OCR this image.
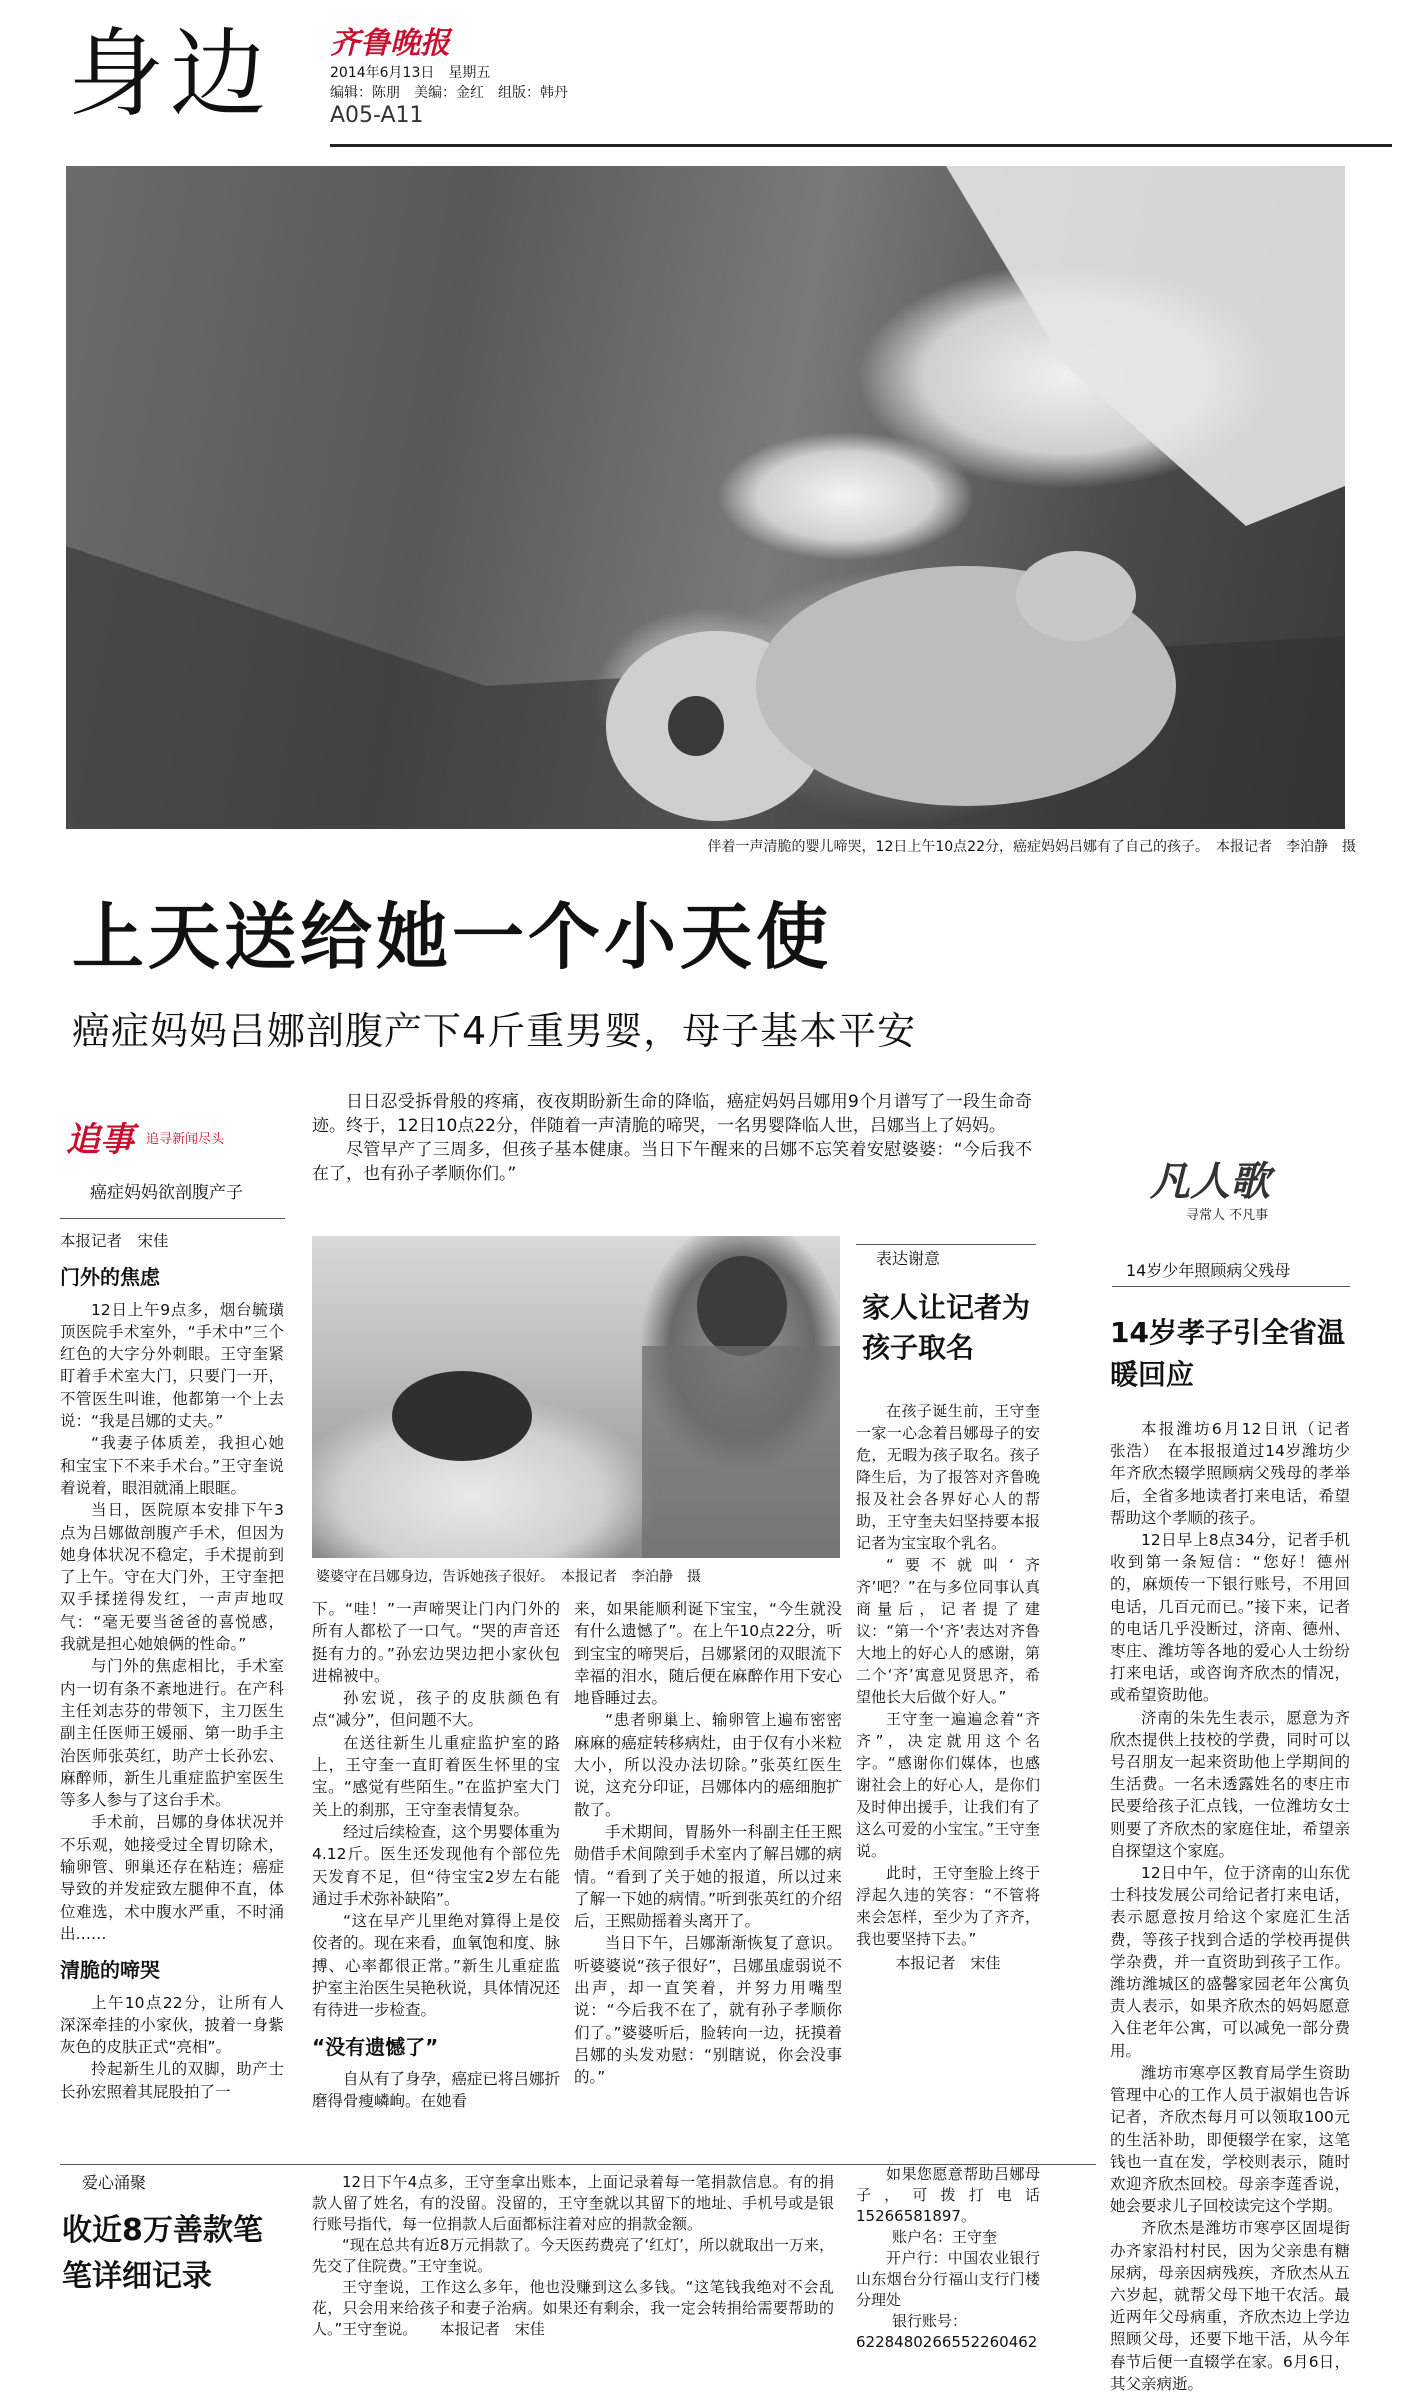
身边 齐鲁晚报
2014年6月13日　星期五
编辑：陈朋　美编：金红　组版：韩丹
A05-A11
伴着一声清脆的婴儿啼哭，12日上午10点22分，癌症妈妈吕娜有了自己的孩子。　本报记者　李泊静　摄
上天送给她一个小天使
癌症妈妈吕娜剖腹产下4斤重男婴，母子基本平安
追事 追寻新闻尽头
癌症妈妈欲剖腹产子

日日忍受拆骨般的疼痛，夜夜期盼新生命的降临，癌症妈妈吕娜用9个月谱写了一段生命奇迹。终于，12日10点22分，伴随着一声清脆的啼哭，一名男婴降临人世，吕娜当上了妈妈。

尽管早产了三周多，但孩子基本健康。当日下午醒来的吕娜不忘笑着安慰婆婆：“今后我不在了，也有孙子孝顺你们。”

本报记者　宋佳
门外的焦虑

12日上午9点多，烟台毓璜顶医院手术室外，“手术中”三个红色的大字分外刺眼。王守奎紧盯着手术室大门，只要门一开，不管医生叫谁，他都第一个上去说：“我是吕娜的丈夫。”

“我妻子体质差，我担心她和宝宝下不来手术台。”王守奎说着说着，眼泪就涌上眼眶。

当日，医院原本安排下午3点为吕娜做剖腹产手术，但因为她身体状况不稳定，手术提前到了上午。守在大门外，王守奎把双手揉搓得发红，一声声地叹气：“毫无要当爸爸的喜悦感，我就是担心她娘俩的性命。”

与门外的焦虑相比，手术室内一切有条不紊地进行。在产科主任刘志芬的带领下，主刀医生副主任医师王媛丽、第一助手主治医师张英红，助产士长孙宏、麻醉师，新生儿重症监护室医生等多人参与了这台手术。

手术前，吕娜的身体状况并不乐观，她接受过全胃切除术，输卵管、卵巢还存在粘连；癌症导致的并发症致左腿伸不直，体位难选，术中腹水严重，不时涌出……

清脆的啼哭

上午10点22分，让所有人深深牵挂的小家伙，披着一身紫灰色的皮肤正式“亮相”。

拎起新生儿的双脚，助产士长孙宏照着其屁股拍了一

婆婆守在吕娜身边，告诉她孩子很好。　本报记者　李泊静　摄

下。“哇！”一声啼哭让门内门外的所有人都松了一口气。“哭的声音还挺有力的。”孙宏边哭边把小家伙包进棉被中。

孙宏说，孩子的皮肤颜色有点“减分”，但问题不大。

在送往新生儿重症监护室的路上，王守奎一直盯着医生怀里的宝宝。“感觉有些陌生。”在监护室大门关上的刹那，王守奎表情复杂。

经过后续检查，这个男婴体重为4.12斤。医生还发现他有个部位先天发育不足，但“待宝宝2岁左右能通过手术弥补缺陷”。

“这在早产儿里绝对算得上是佼佼者的。现在来看，血氧饱和度、脉搏、心率都很正常。”新生儿重症监护室主治医生吴艳秋说，具体情况还有待进一步检查。

“没有遗憾了”

自从有了身孕，癌症已将吕娜折磨得骨瘦嶙峋。在她看

来，如果能顺利诞下宝宝，“今生就没有什么遗憾了”。在上午10点22分，听到宝宝的啼哭后，吕娜紧闭的双眼流下幸福的泪水，随后便在麻醉作用下安心地昏睡过去。

“患者卵巢上、输卵管上遍布密密麻麻的癌症转移病灶，由于仅有小米粒大小，所以没办法切除。”张英红医生说，这充分印证，吕娜体内的癌细胞扩散了。

手术期间，胃肠外一科副主任王熙勋借手术间隙到手术室内了解吕娜的病情。“看到了关于她的报道，所以过来了解一下她的病情。”听到张英红的介绍后，王熙勋摇着头离开了。

当日下午，吕娜渐渐恢复了意识。听婆婆说“孩子很好”，吕娜虽虚弱说不出声，却一直笑着，并努力用嘴型说：“今后我不在了，就有孙子孝顺你们了。”婆婆听后，脸转向一边，抚摸着吕娜的头发劝慰：“别瞎说，你会没事的。”

表达谢意
家人让记者为孩子取名

在孩子诞生前，王守奎一家一心念着吕娜母子的安危，无暇为孩子取名。孩子降生后，为了报答对齐鲁晚报及社会各界好心人的帮助，王守奎夫妇坚持要本报记者为宝宝取个乳名。

“要不就叫‘齐齐’吧？”在与多位同事认真商量后，记者提了建议：“第一个‘齐’表达对齐鲁大地上的好心人的感谢，第二个‘齐’寓意见贤思齐，希望他长大后做个好人。”

王守奎一遍遍念着“齐齐”，决定就用这个名字。“感谢你们媒体，也感谢社会上的好心人，是你们及时伸出援手，让我们有了这么可爱的小宝宝。”王守奎说。

此时，王守奎脸上终于浮起久违的笑容：“不管将来会怎样，至少为了齐齐，我也要坚持下去。”

本报记者　宋佳
凡人歌
寻常人 不凡事
14岁少年照顾病父残母
14岁孝子引全省温暖回应

本报潍坊6月12日讯（记者　张浩）　在本报报道过14岁潍坊少年齐欣杰辍学照顾病父残母的孝举后，全省多地读者打来电话，希望帮助这个孝顺的孩子。

12日早上8点34分，记者手机收到第一条短信：“您好！德州的，麻烦传一下银行账号，不用回电话，几百元而已。”接下来，记者的电话几乎没断过，济南、德州、枣庄、潍坊等各地的爱心人士纷纷打来电话，或咨询齐欣杰的情况，或希望资助他。

济南的朱先生表示，愿意为齐欣杰提供上技校的学费，同时可以号召朋友一起来资助他上学期间的生活费。一名未透露姓名的枣庄市民要给孩子汇点钱，一位潍坊女士则要了齐欣杰的家庭住址，希望亲自探望这个家庭。

12日中午，位于济南的山东优士科技发展公司给记者打来电话，表示愿意按月给这个家庭汇生活费，等孩子找到合适的学校再提供学杂费，并一直资助到孩子工作。潍坊潍城区的盛馨家园老年公寓负责人表示，如果齐欣杰的妈妈愿意入住老年公寓，可以减免一部分费用。

潍坊市寒亭区教育局学生资助管理中心的工作人员于淑娟也告诉记者，齐欣杰每月可以领取100元的生活补助，即便辍学在家，这笔钱也一直在发，学校则表示，随时欢迎齐欣杰回校。母亲李莲香说，她会要求儿子回校读完这个学期。

齐欣杰是潍坊市寒亭区固堤街办齐家沿村村民，因为父亲患有糖尿病，母亲因病残疾，齐欣杰从五六岁起，就帮父母下地干农活。最近两年父母病重，齐欣杰边上学边照顾父母，还要下地干活，从今年春节后便一直辍学在家。6月6日，其父亲病逝。

爱心涌聚
收近8万善款笔笔详细记录

12日下午4点多，王守奎拿出账本，上面记录着每一笔捐款信息。有的捐款人留了姓名，有的没留。没留的，王守奎就以其留下的地址、手机号或是银行账号指代，每一位捐款人后面都标注着对应的捐款金额。

“现在总共有近8万元捐款了。今天医药费亮了‘红灯’，所以就取出一万来，先交了住院费。”王守奎说。

王守奎说，工作这么多年，他也没赚到这么多钱。“这笔钱我绝对不会乱花，只会用来给孩子和妻子治病。如果还有剩余，我一定会转捐给需要帮助的人。”王守奎说。　　本报记者　宋佳

如果您愿意帮助吕娜母子，可拨打电话15266581897。

账户名：王守奎
开户行：中国农业银行山东烟台分行福山支行门楼分理处
银行账号：
6228480266552260462
